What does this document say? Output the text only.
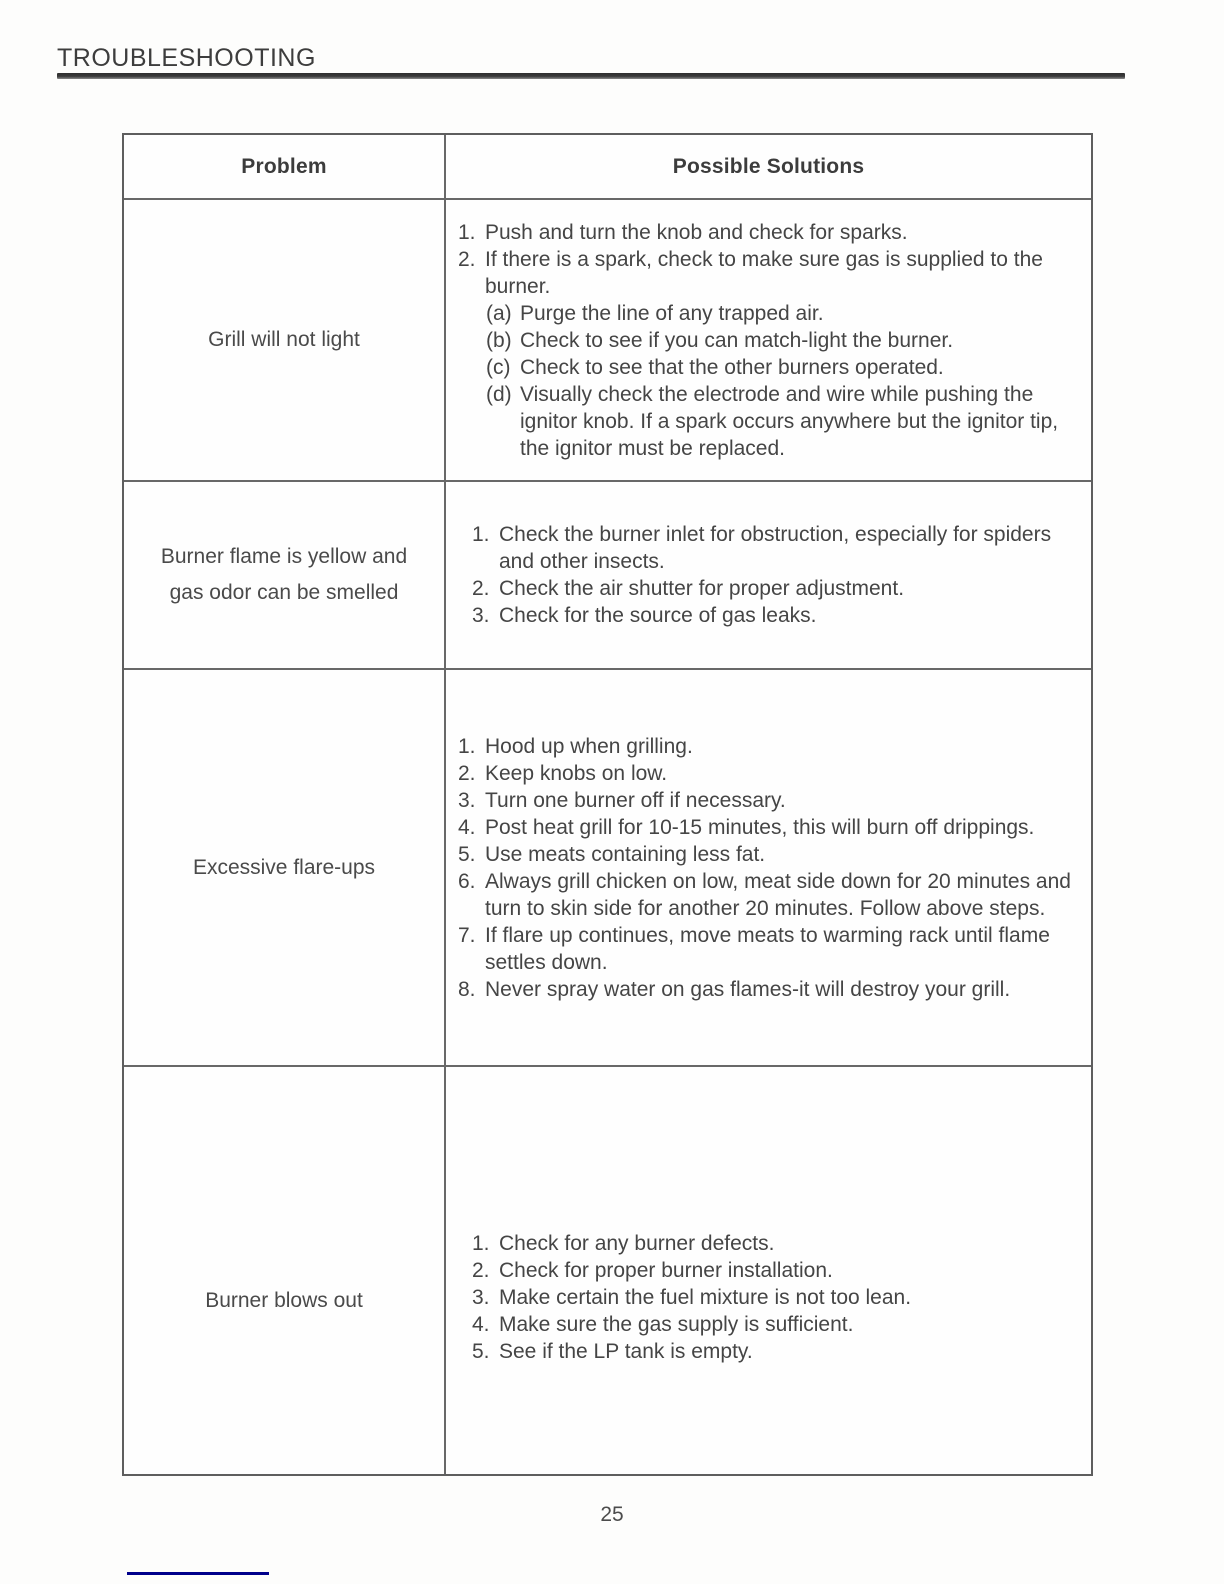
TROUBLESHOOTING
Problem	Possible Solutions
Grill will not light
1. Push and turn the knob and check for sparks.
2. If there is a spark, check to make sure gas is supplied to the burner.
(a) Purge the line of any trapped air.
(b) Check to see if you can match-light the burner.
(c) Check to see that the other burners operated.
(d) Visually check the electrode and wire while pushing the ignitor knob. If a spark occurs anywhere but the ignitor tip, the ignitor must be replaced.
Burner flame is yellow and gas odor can be smelled
1. Check the burner inlet for obstruction, especially for spiders and other insects.
2. Check the air shutter for proper adjustment.
3. Check for the source of gas leaks.
Excessive flare-ups
1. Hood up when grilling.
2. Keep knobs on low.
3. Turn one burner off if necessary.
4. Post heat grill for 10-15 minutes, this will burn off drippings.
5. Use meats containing less fat.
6. Always grill chicken on low, meat side down for 20 minutes and turn to skin side for another 20 minutes. Follow above steps.
7. If flare up continues, move meats to warming rack until flame settles down.
8. Never spray water on gas flames-it will destroy your grill.
Burner blows out
1. Check for any burner defects.
2. Check for proper burner installation.
3. Make certain the fuel mixture is not too lean.
4. Make sure the gas supply is sufficient.
5. See if the LP tank is empty.
25
